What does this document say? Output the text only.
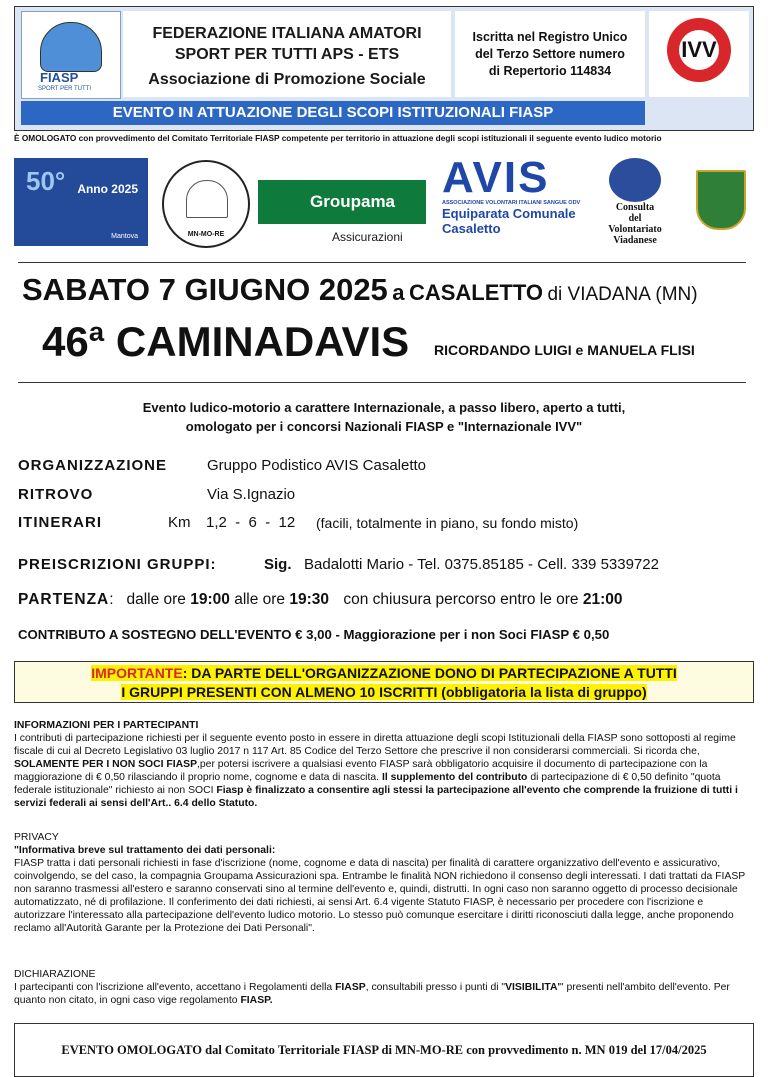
FIASP
SPORT PER TUTTI
FEDERAZIONE ITALIANA AMATORI
SPORT PER TUTTI APS - ETS
Associazione di Promozione Sociale
Iscritta nel Registro Unico
del Terzo Settore numero
di Repertorio 114834
IVV
EVENTO IN ATTUAZIONE DEGLI SCOPI ISTITUZIONALI FIASP
È OMOLOGATO con provvedimento del Comitato Territoriale FIASP competente per territorio in attuazione degli scopi istituzionali il seguente evento ludico motorio
50° Anno 2025
Mantova	MN-MO-RE
Groupama
Assicurazioni
AVIS
ASSOCIAZIONE VOLONTARI ITALIANI SANGUE ODV
Equiparata Comunale
Casaletto
Consulta
del
Volontariato
Viadanese
SABATO 7 GIUGNO 2025 a CASALETTO di VIADANA (MN)
46ª CAMINADAVIS RICORDANDO LUIGI e MANUELA FLISI
Evento ludico-motorio a carattere Internazionale, a passo libero, aperto a tutti,
omologato per i concorsi Nazionali FIASP e "Internazionale IVV"
ORGANIZZAZIONE	Gruppo Podistico AVIS Casaletto
RITROVO	Via S.Ignazio
ITINERARI	Km 1,2  -  6  -  12 (facili, totalmente in piano, su fondo misto)
PREISCRIZIONI GRUPPI:	Sig. Badalotti Mario - Tel. 0375.85185 - Cell. 339 5339722
PARTENZA:   dalle ore 19:00 alle ore 19:30 con chiusura percorso entro le ore 21:00
CONTRIBUTO A SOSTEGNO DELL'EVENTO € 3,00 - Maggiorazione per i non Soci FIASP € 0,50
IMPORTANTE: DA PARTE DELL'ORGANIZZAZIONE DONO DI PARTECIPAZIONE A TUTTI
I GRUPPI PRESENTI CON ALMENO 10 ISCRITTI (obbligatoria la lista di gruppo)
INFORMAZIONI PER I PARTECIPANTI
I contributi di partecipazione richiesti per il seguente evento posto in essere in diretta attuazione degli scopi Istituzionali della FIASP sono sottoposti al regime fiscale di cui al Decreto Legislativo 03 luglio 2017 n 117 Art. 85 Codice del Terzo Settore che prescrive il non considerarsi commerciali. Si ricorda che, SOLAMENTE PER I NON SOCI FIASP,per potersi iscrivere a qualsiasi evento FIASP sarà obbligatorio acquisire il documento di partecipazione con la maggiorazione di € 0,50 rilasciando il proprio nome, cognome e data di nascita. Il supplemento del contributo di partecipazione di € 0,50 definito "quota federale istituzionale" richiesto ai non SOCI Fiasp è finalizzato a consentire agli stessi la partecipazione all'evento che comprende la fruizione di tutti i servizi federali ai sensi dell'Art.. 6.4 dello Statuto.
PRIVACY
"Informativa breve sul trattamento dei dati personali:
FIASP tratta i dati personali richiesti in fase d'iscrizione (nome, cognome e data di nascita) per finalità di carattere organizzativo dell'evento e assicurativo, coinvolgendo, se del caso, la compagnia Groupama Assicurazioni spa. Entrambe le finalità NON richiedono il consenso degli interessati. I dati trattati da FIASP non saranno trasmessi all'estero e saranno conservati sino al termine dell'evento e, quindi, distrutti. In ogni caso non saranno oggetto di processo decisionale automatizzato, né di profilazione. Il conferimento dei dati richiesti, ai sensi Art. 6.4 vigente Statuto FIASP, è necessario per procedere con l'iscrizione e autorizzare l'interessato alla partecipazione dell'evento ludico motorio. Lo stesso può comunque esercitare i diritti riconosciuti dalla legge, anche proponendo reclamo all'Autorità Garante per la Protezione dei Dati Personali".
DICHIARAZIONE
I partecipanti con l'iscrizione all'evento, accettano i Regolamenti della FIASP, consultabili presso i punti di "VISIBILITA'" presenti nell'ambito dell'evento. Per quanto non citato, in ogni caso vige regolamento FIASP.
EVENTO OMOLOGATO dal Comitato Territoriale FIASP di MN-MO-RE con provvedimento n. MN 019 del 17/04/2025
